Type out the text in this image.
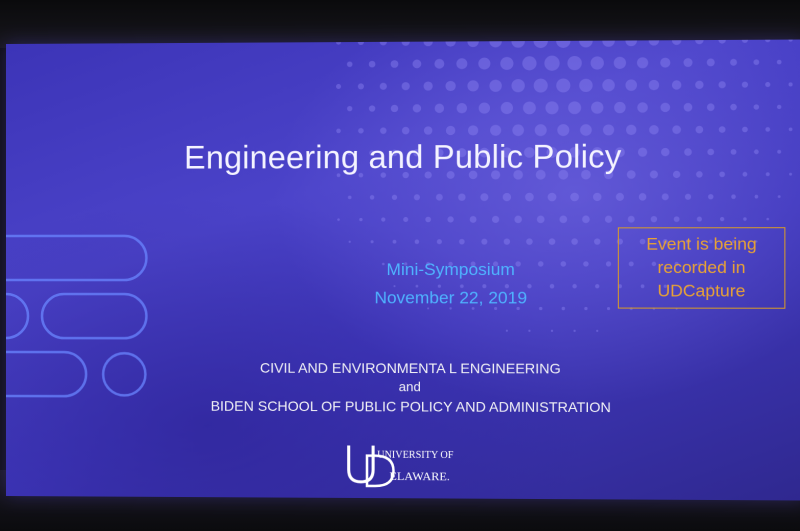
Engineering and Public Policy
Mini-Symposium
November 22, 2019
CIVIL AND ENVIRONMENTA L ENGINEERING
and
BIDEN SCHOOL OF PUBLIC POLICY AND ADMINISTRATION
Event is being
recorded in
UDCapture
UNIVERSITY OF
ELAWARE.
